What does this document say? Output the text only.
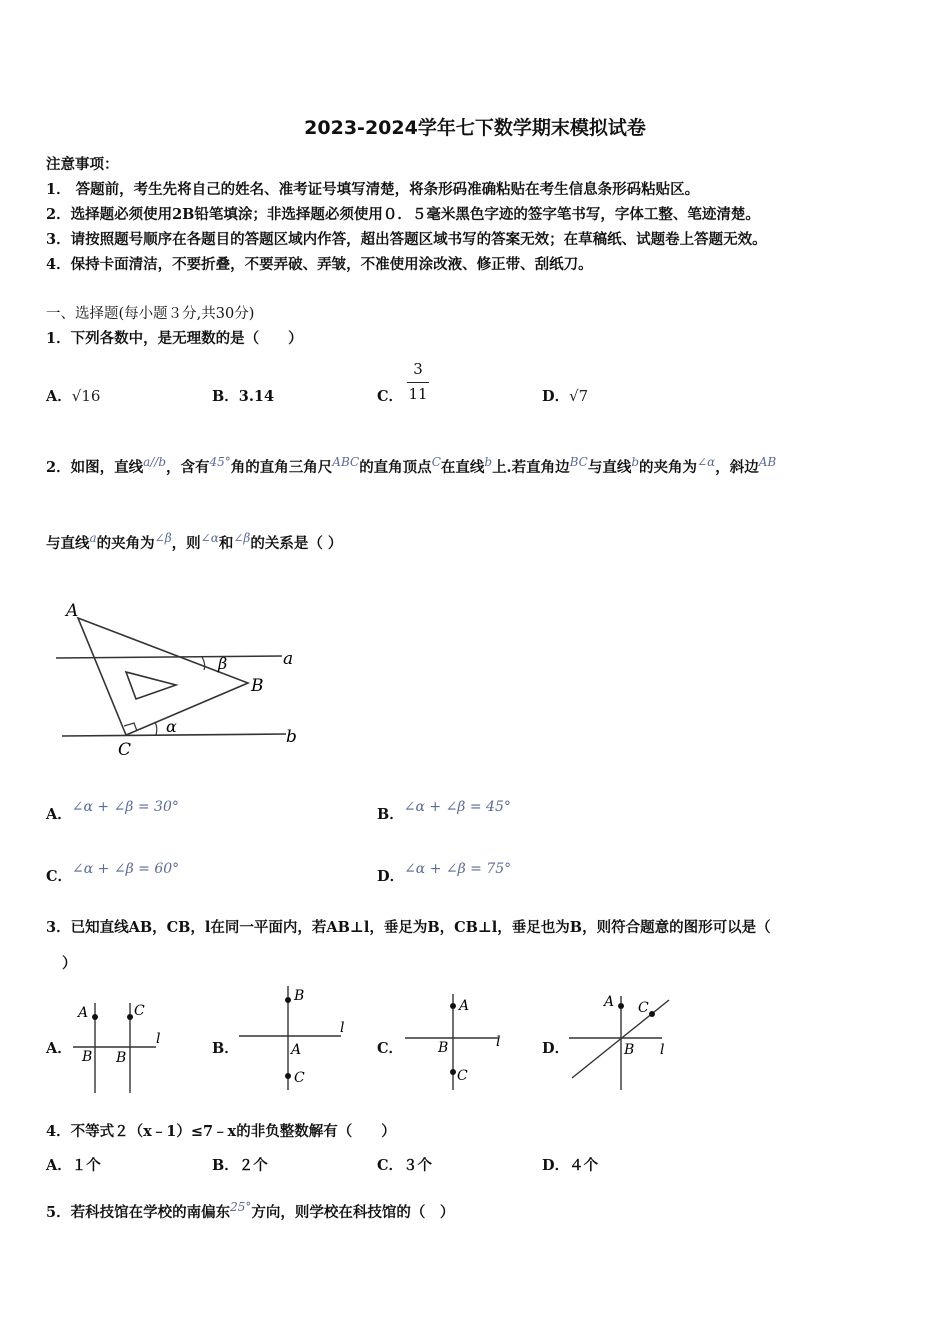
2023-2024学年七下数学期末模拟试卷
注意事项：
1． 答题前，考生先将自己的姓名、准考证号填写清楚，将条形码准确粘贴在考生信息条形码粘贴区。
2．选择题必须使用2B铅笔填涂；非选择题必须使用０．５毫米黑色字迹的签字笔书写，字体工整、笔迹清楚。
3．请按照题号顺序在各题目的答题区域内作答，超出答题区域书写的答案无效；在草稿纸、试题卷上答题无效。
4．保持卡面清洁，不要折叠，不要弄破、弄皱，不准使用涂改液、修正带、刮纸刀。
一、选择题(每小题３分,共30分)
1．下列各数中，是无理数的是（　　）
A．√16	B．3.14	C．
3
11	D．√7
2．如图，直线$^{a//b}$，含有$^{45^\circ}$角的直角三角尺$^{ABC}$的直角顶点$^C$在直线$^b$上.若直角边$^{BC}$与直线$^b$的夹角为$^{\angle\alpha}$，斜边$^{AB}$
与直线$^a$的夹角为$^{\angle\beta}$，则$^{\angle\alpha}$和$^{\angle\beta}$的关系是（ ）
A
B
C
a
b
α
β
A．∠α + ∠β = 30°	B．∠α + ∠β = 45°
C．∠α + ∠β = 60°	D．∠α + ∠β = 75°
3．已知直线AB，CB，l在同一平面内，若AB⊥l，垂足为B，CB⊥l，垂足也为B，则符合题意的图形可以是（
）
A．
A	C
B B
l
B．
B
A
C
l
C．
A
B
C
l	D．
A C
B l
4．不等式２（x﹣1）≤7﹣x的非负整数解有（　　）
A．１个	B．２个	C．３个	D．４个
5．若科技馆在学校的南偏东$^{25^\circ}$方向，则学校在科技馆的（　）
